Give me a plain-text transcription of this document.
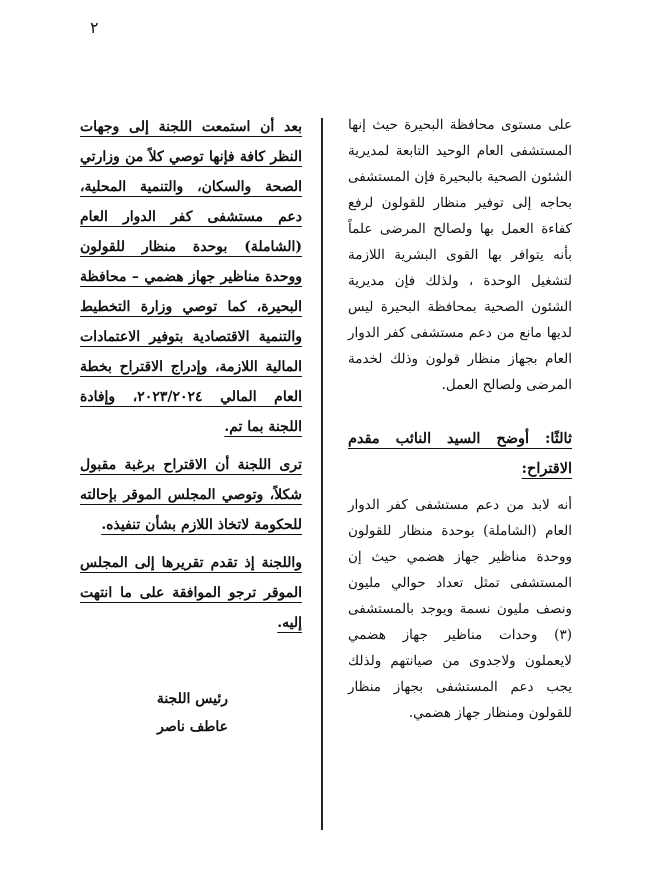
٢

على مستوى محافظة البحيرة حيث إنها المستشفى العام الوحيد التابعة لمديرية الشئون الصحية بالبحيرة فإن المستشفى بحاجه إلى توفير منظار للقولون لرفع كفاءة العمل بها ولصالح المرضى علماً بأنه يتوافر بها القوى البشرية اللازمة لتشغيل الوحدة ، ولذلك فإن مديرية الشئون الصحية بمحافظة البحيرة ليس لديها مانع من دعم مستشفى كفر الدوار العام بجهاز منظار قولون وذلك لخدمة المرضى ولصالح العمل.

ثالثًا: أوضح السيد النائب مقدم الاقتراح:

أنه لابد من دعم مستشفى كفر الدوار العام (الشاملة) بوحدة منظار للقولون ووحدة مناظير جهاز هضمي حيث إن المستشفى تمثل تعداد حوالي مليون ونصف مليون نسمة ويوجد بالمستشفى (٣) وحدات مناظير جهاز هضمي لايعملون ولاجدوى من صيانتهم ولذلك يجب دعم المستشفى بجهاز منظار للقولون ومنظار جهاز هضمي.

بعد أن استمعت اللجنة إلى وجهات النظر كافة فإنها توصي كلاً من وزارتي الصحة والسكان، والتنمية المحلية، دعم مستشفى كفر الدوار العام (الشاملة) بوحدة منظار للقولون ووحدة مناظير جهاز هضمي – محافظة البحيرة، كما توصي وزارة التخطيط والتنمية الاقتصادية بتوفير الاعتمادات المالية اللازمة، وإدراج الاقتراح بخطة العام المالي ٢٠٢٣/٢٠٢٤، وإفادة اللجنة بما تم.

ترى اللجنة أن الاقتراح برغبة مقبول شكلاً، وتوصي المجلس الموقر بإحالته للحكومة لاتخاذ اللازم بشأن تنفيذه.

واللجنة إذ تقدم تقريرها إلى المجلس الموقر ترجو الموافقة على ما انتهت إليه.

رئيس اللجنة
عاطف ناصر
